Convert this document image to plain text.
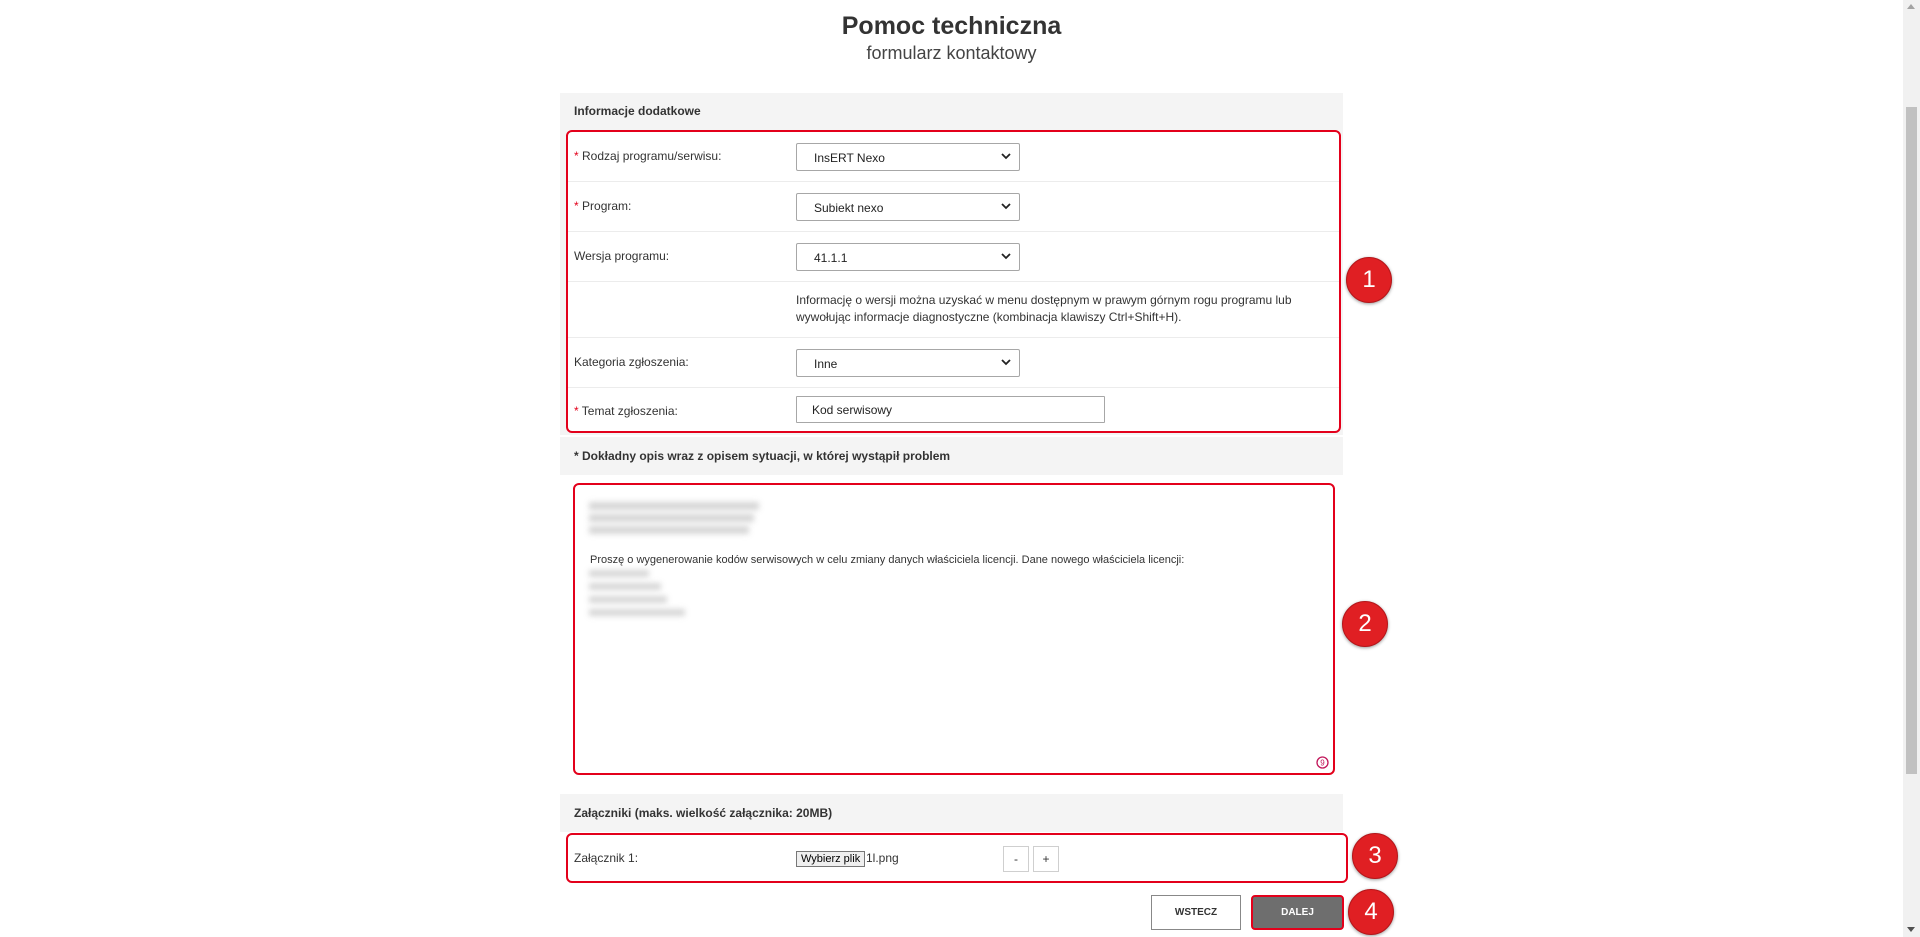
Pomoc techniczna
formularz kontaktowy
Informacje dodatkowe
* Rodzaj programu/serwisu:	InsERT Nexo
* Program:	Subiekt nexo
Wersja programu:	41.1.1
Informację o wersji można uzyskać w menu dostępnym w prawym górnym rogu programu lub wywołując informacje diagnostyczne (kombinacja klawiszy Ctrl+Shift+H).
Kategoria zgłoszenia:	Inne
* Temat zgłoszenia:	Kod serwisowy
1
* Dokładny opis wraz z opisem sytuacji, w której wystąpił problem
Proszę o wygenerowanie kodów serwisowych w celu zmiany danych właściciela licencji. Dane nowego właściciela licencji:
9
2
Załączniki (maks. wielkość załącznika: 20MB)
Załącznik 1:	Wybierz plik 1l.png	-	+	3
WSTECZ	DALEJ	4
